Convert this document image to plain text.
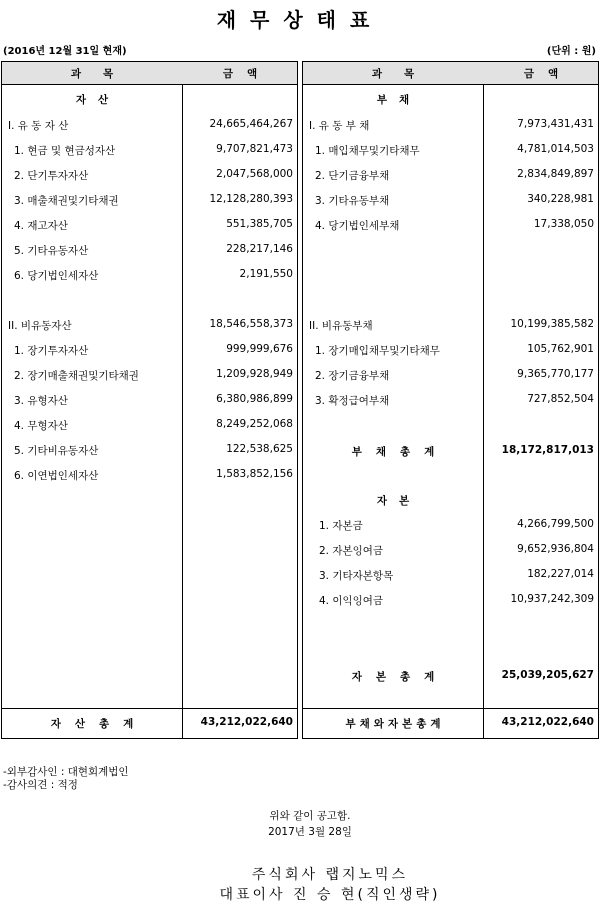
재무상태표
(2016년 12월 31일 현재)	(단위 : 원)
과목	금액
자산
I. 유 동 자 산	24,665,464,267
1. 현금 및 현금성자산	9,707,821,473
2. 단기투자자산	2,047,568,000
3. 매출채권및기타채권	12,128,280,393
4. 재고자산	551,385,705
5. 기타유동자산	228,217,146
6. 당기법인세자산	2,191,550
II. 비유동자산	18,546,558,373
1. 장기투자자산	999,999,676
2. 장기매출채권및기타채권	1,209,928,949
3. 유형자산	6,380,986,899
4. 무형자산	8,249,252,068
5. 기타비유동자산	122,538,625
6. 이연법인세자산	1,583,852,156
자산총계	43,212,022,640
과목	금액
부채
I. 유 동 부 채	7,973,431,431
1. 매입채무및기타채무	4,781,014,503
2. 단기금융부채	2,834,849,897
3. 기타유동부채	340,228,981
4. 당기법인세부채	17,338,050
II. 비유동부채	10,199,385,582
1. 장기매입채무및기타채무	105,762,901
2. 장기금융부채	9,365,770,177
3. 확정급여부채	727,852,504
부채총계	18,172,817,013
자본
1. 자본금	4,266,799,500
2. 자본잉여금	9,652,936,804
3. 기타자본항목	182,227,014
4. 이익잉여금	10,937,242,309
자본총계	25,039,205,627
부채와자본총계	43,212,022,640
-외부감사인 : 대현회계법인
-감사의견 : 적정
위와 같이 공고함.
2017년 3월 28일
주식회사 랩지노믹스
대표이사 진 승 현(직인생략)
